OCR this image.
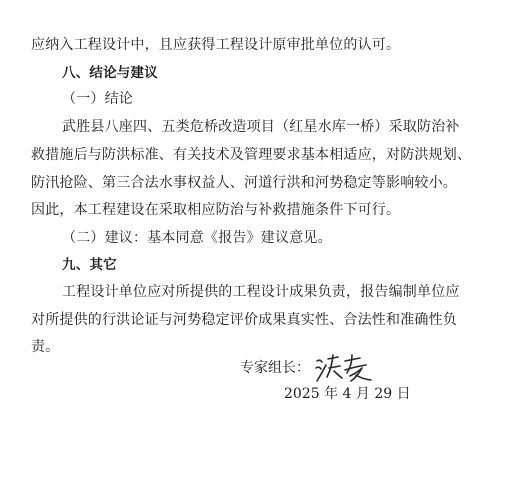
应纳入工程设计中，且应获得工程设计原审批单位的认可。
八、结论与建议
（一）结论
武胜县八座四、五类危桥改造项目（红星水库一桥）采取防治补
救措施后与防洪标准、有关技术及管理要求基本相适应，对防洪规划、
防汛抢险、第三合法水事权益人、河道行洪和河势稳定等影响较小。
因此，本工程建设在采取相应防治与补救措施条件下可行。
（二）建议：基本同意《报告》建议意见。
九、其它
工程设计单位应对所提供的工程设计成果负责，报告编制单位应
对所提供的行洪论证与河势稳定评价成果真实性、合法性和准确性负
责。
专家组长：
2025 年 4 月 29 日
